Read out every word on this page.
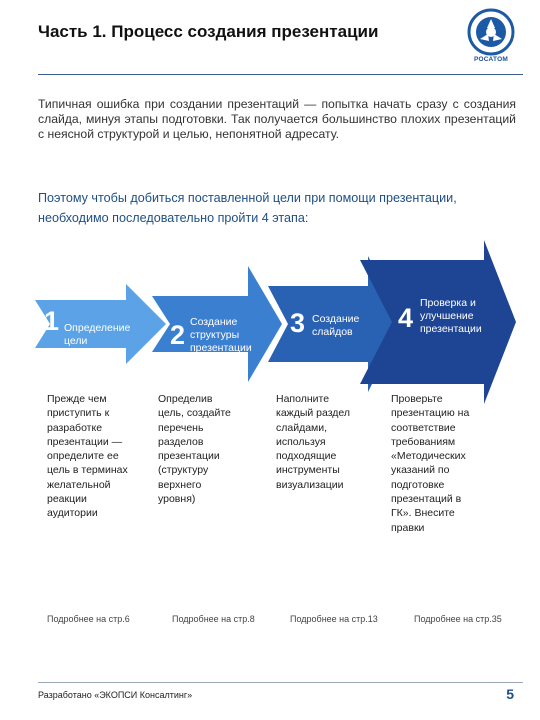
Часть 1. Процесс создания презентации
РОСАТОМ
Типичная ошибка при создании презентаций — попытка начать сразу с создания слайда, минуя этапы подготовки. Так получается большинство плохих презентаций с неясной структурой и целью, непонятной адресату.
Поэтому чтобы добиться поставленной цели при помощи презентации, необходимо последовательно пройти 4 этапа:
1 Определение
цели
презентации
2 Создание
структуры
презентации
3 Создание
слайдов 4 Проверка и
улучшение
презентации
Прежде чем
приступить к
разработке
презентации —
определите ее
цель в терминах
желательной
реакции
аудитории
Определив
цель, создайте
перечень
разделов
презентации
(структуру
верхнего
уровня)
Наполните
каждый раздел
слайдами,
используя
подходящие
инструменты
визуализации
Проверьте
презентацию на
соответствие
требованиям
«Методических
указаний по
подготовке
презентаций в
ГК». Внесите
правки
Подробнее на стр.6	Подробнее на стр.8	Подробнее на стр.13	Подробнее на стр.35
Разработано «ЭКОПСИ Консалтинг»	5
